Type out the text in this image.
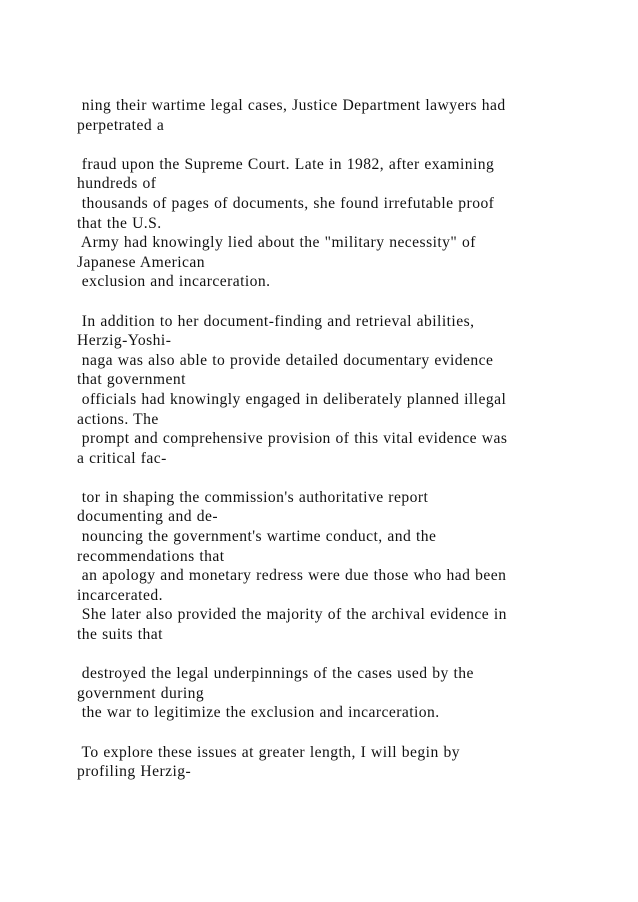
ning their wartime legal cases, Justice Department lawyers had
perpetrated a
fraud upon the Supreme Court. Late in 1982, after examining
hundreds of
thousands of pages of documents, she found irrefutable proof
that the U.S.
Army had knowingly lied about the "military necessity" of
Japanese American
exclusion and incarceration.
In addition to her document-finding and retrieval abilities,
Herzig-Yoshi-
naga was also able to provide detailed documentary evidence
that government
officials had knowingly engaged in deliberately planned illegal
actions. The
prompt and comprehensive provision of this vital evidence was
a critical fac-
tor in shaping the commission's authoritative report
documenting and de-
nouncing the government's wartime conduct, and the
recommendations that
an apology and monetary redress were due those who had been
incarcerated.
She later also provided the majority of the archival evidence in
the suits that
destroyed the legal underpinnings of the cases used by the
government during
the war to legitimize the exclusion and incarceration.
To explore these issues at greater length, I will begin by
profiling Herzig-
